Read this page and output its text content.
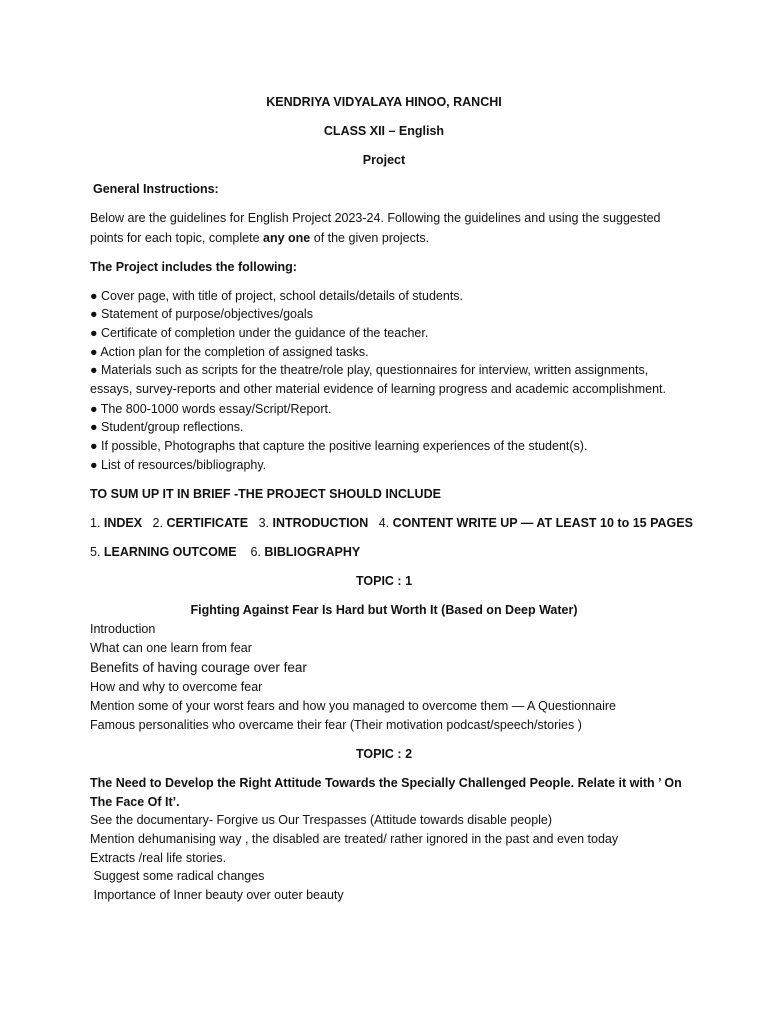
KENDRIYA VIDYALAYA HINOO, RANCHI
CLASS XII – English
Project
General Instructions:
Below are the guidelines for English Project 2023-24. Following the guidelines and using the suggested
points for each topic, complete any one of the given projects.
The Project includes the following:
● Cover page, with title of project, school details/details of students.
● Statement of purpose/objectives/goals
● Certificate of completion under the guidance of the teacher.
● Action plan for the completion of assigned tasks.
● Materials such as scripts for the theatre/role play, questionnaires for interview, written assignments,
essays, survey-reports and other material evidence of learning progress and academic accomplishment.
● The 800-1000 words essay/Script/Report.
● Student/group reflections.
● If possible, Photographs that capture the positive learning experiences of the student(s).
● List of resources/bibliography.
TO SUM UP IT IN BRIEF -THE PROJECT SHOULD INCLUDE
1. INDEX 2. CERTIFICATE 3. INTRODUCTION 4. CONTENT WRITE UP — AT LEAST 10 to 15 PAGES
5. LEARNING OUTCOME 6. BIBLIOGRAPHY
TOPIC : 1
Fighting Against Fear Is Hard but Worth It (Based on Deep Water)
Introduction
What can one learn from fear
Benefits of having courage over fear
How and why to overcome fear
Mention some of your worst fears and how you managed to overcome them — A Questionnaire
Famous personalities who overcame their fear (Their motivation podcast/speech/stories )
TOPIC : 2
The Need to Develop the Right Attitude Towards the Specially Challenged People. Relate it with ’ On
The Face Of It’.
See the documentary- Forgive us Our Trespasses (Attitude towards disable people)
Mention dehumanising way , the disabled are treated/ rather ignored in the past and even today
Extracts /real life stories.
Suggest some radical changes
Importance of Inner beauty over outer beauty
